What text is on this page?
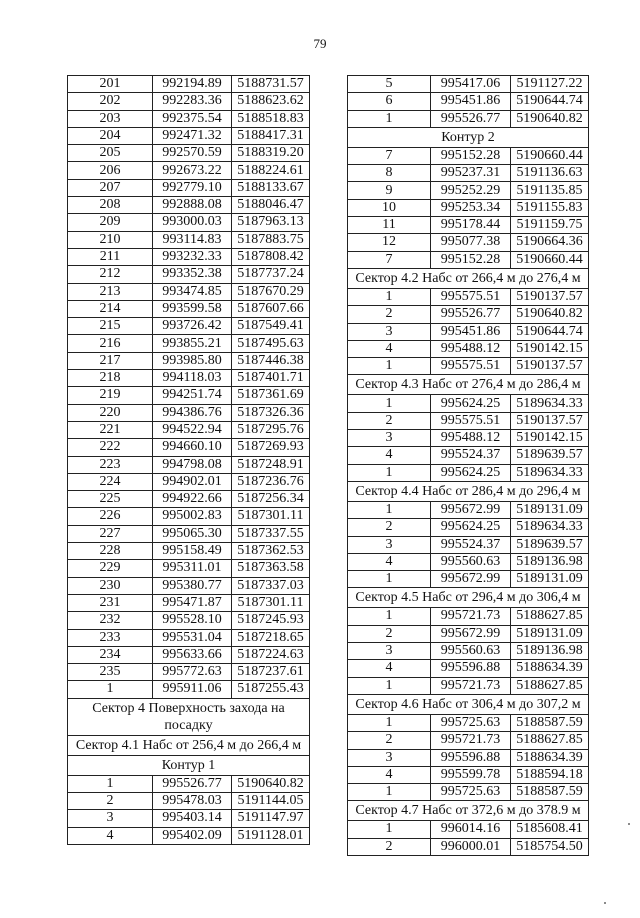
79
201	992194.89	5188731.57
202	992283.36	5188623.62
203	992375.54	5188518.83
204	992471.32	5188417.31
205	992570.59	5188319.20
206	992673.22	5188224.61
207	992779.10	5188133.67
208	992888.08	5188046.47
209	993000.03	5187963.13
210	993114.83	5187883.75
211	993232.33	5187808.42
212	993352.38	5187737.24
213	993474.85	5187670.29
214	993599.58	5187607.66
215	993726.42	5187549.41
216	993855.21	5187495.63
217	993985.80	5187446.38
218	994118.03	5187401.71
219	994251.74	5187361.69
220	994386.76	5187326.36
221	994522.94	5187295.76
222	994660.10	5187269.93
223	994798.08	5187248.91
224	994902.01	5187236.76
225	994922.66	5187256.34
226	995002.83	5187301.11
227	995065.30	5187337.55
228	995158.49	5187362.53
229	995311.01	5187363.58
230	995380.77	5187337.03
231	995471.87	5187301.11
232	995528.10	5187245.93
233	995531.04	5187218.65
234	995633.66	5187224.63
235	995772.63	5187237.61
1	995911.06	5187255.43
Сектор 4 Поверхность захода на посадку		
Сектор 4.1 Набс от 256,4 м до 266,4 м		
Контур 1		
1	995526.77	5190640.82
2	995478.03	5191144.05
3	995403.14	5191147.97
4	995402.09	5191128.01
5	995417.06	5191127.22
6	995451.86	5190644.74
1	995526.77	5190640.82
Контур 2		
7	995152.28	5190660.44
8	995237.31	5191136.63
9	995252.29	5191135.85
10	995253.34	5191155.83
11	995178.44	5191159.75
12	995077.38	5190664.36
7	995152.28	5190660.44
Сектор 4.2 Набс от 266,4 м до 276,4 м		
1	995575.51	5190137.57
2	995526.77	5190640.82
3	995451.86	5190644.74
4	995488.12	5190142.15
1	995575.51	5190137.57
Сектор 4.3 Набс от 276,4 м до 286,4 м		
1	995624.25	5189634.33
2	995575.51	5190137.57
3	995488.12	5190142.15
4	995524.37	5189639.57
1	995624.25	5189634.33
Сектор 4.4 Набс от 286,4 м до 296,4 м		
1	995672.99	5189131.09
2	995624.25	5189634.33
3	995524.37	5189639.57
4	995560.63	5189136.98
1	995672.99	5189131.09
Сектор 4.5 Набс от 296,4 м до 306,4 м		
1	995721.73	5188627.85
2	995672.99	5189131.09
3	995560.63	5189136.98
4	995596.88	5188634.39
1	995721.73	5188627.85
Сектор 4.6 Набс от 306,4 м до 307,2 м		
1	995725.63	5188587.59
2	995721.73	5188627.85
3	995596.88	5188634.39
4	995599.78	5188594.18
1	995725.63	5188587.59
Сектор 4.7 Набс от 372,6 м до 378.9 м		
1	996014.16	5185608.41
2	996000.01	5185754.50
